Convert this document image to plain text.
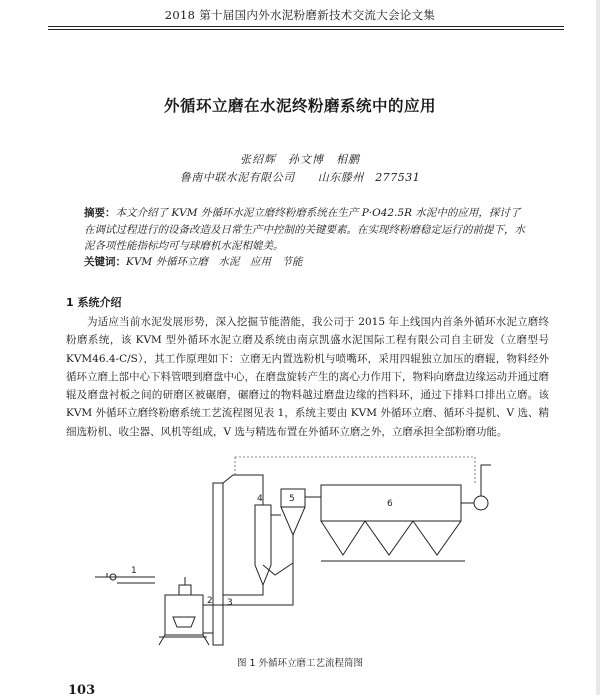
2018 第十届国内外水泥粉磨新技术交流大会论文集
外循环立磨在水泥终粉磨系统中的应用
张绍辉　孙文博　相鹏
鲁南中联水泥有限公司　　山东滕州　277531
摘要：本文介绍了 KVM 外循环水泥立磨终粉磨系统在生产 P·O42.5R 水泥中的应用，探讨了在调试过程进行的设备改造及日常生产中控制的关键要素。在实现终粉磨稳定运行的前提下，水泥各项性能指标均可与球磨机水泥相媲美。
关键词：KVM 外循环立磨　水泥　应用　节能
1 系统介绍
为适应当前水泥发展形势，深入挖掘节能潜能，我公司于 2015 年上线国内首条外循环水泥立磨终粉磨系统，该 KVM 型外循环水泥立磨及系统由南京凯盛水泥国际工程有限公司自主研发（立磨型号 KVM46.4-C/S），其工作原理如下：立磨无内置选粉机与喷嘴环，采用四辊独立加压的磨辊，物料经外循环立磨上部中心下料管喂到磨盘中心，在磨盘旋转产生的离心力作用下，物料向磨盘边缘运动并通过磨辊及磨盘衬板之间的研磨区被碾磨，碾磨过的物料越过磨盘边缘的挡料环，通过下排料口排出立磨。该 KVM 外循环立磨终粉磨系统工艺流程图见表 1，系统主要由 KVM 外循环立磨、循环斗提机、V 选、精细选粉机、收尘器、风机等组成，V 选与精选布置在外循环立磨之外，立磨承担全部粉磨功能。
1
2 3
4	5	6
图 1 外循环立磨工艺流程简图
103
